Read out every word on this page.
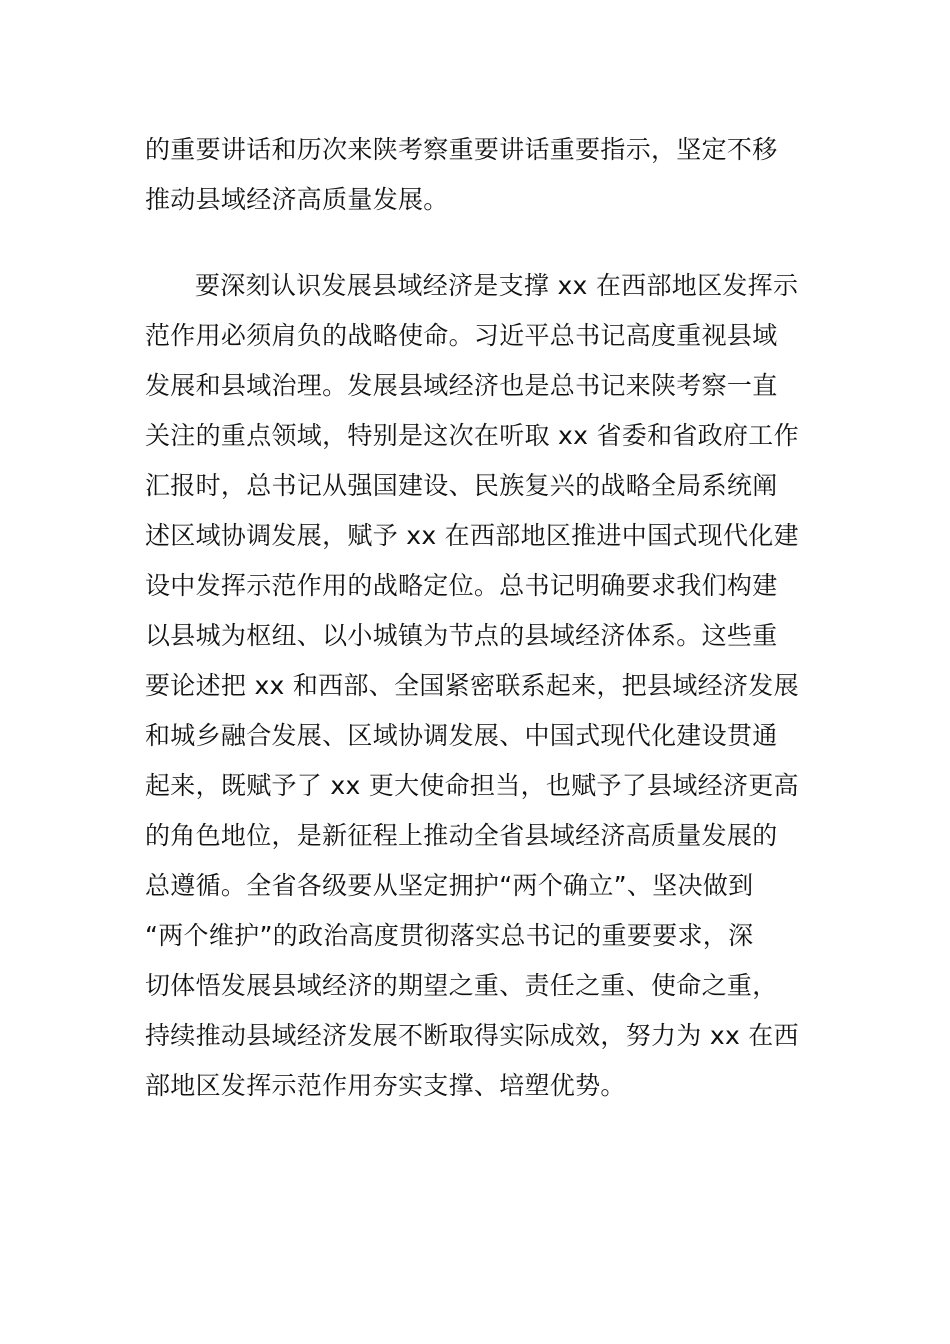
的重要讲话和历次来陕考察重要讲话重要指示，坚定不移
推动县域经济高质量发展。
要深刻认识发展县域经济是支撑 xx 在西部地区发挥示
范作用必须肩负的战略使命。习近平总书记高度重视县域
发展和县域治理。发展县域经济也是总书记来陕考察一直
关注的重点领域，特别是这次在听取 xx 省委和省政府工作
汇报时，总书记从强国建设、民族复兴的战略全局系统阐
述区域协调发展，赋予 xx 在西部地区推进中国式现代化建
设中发挥示范作用的战略定位。总书记明确要求我们构建
以县城为枢纽、以小城镇为节点的县域经济体系。这些重
要论述把 xx 和西部、全国紧密联系起来，把县域经济发展
和城乡融合发展、区域协调发展、中国式现代化建设贯通
起来，既赋予了 xx 更大使命担当，也赋予了县域经济更高
的角色地位，是新征程上推动全省县域经济高质量发展的
总遵循。全省各级要从坚定拥护“两个确立”、坚决做到
“两个维护”的政治高度贯彻落实总书记的重要要求，深
切体悟发展县域经济的期望之重、责任之重、使命之重，
持续推动县域经济发展不断取得实际成效，努力为 xx 在西
部地区发挥示范作用夯实支撑、培塑优势。
